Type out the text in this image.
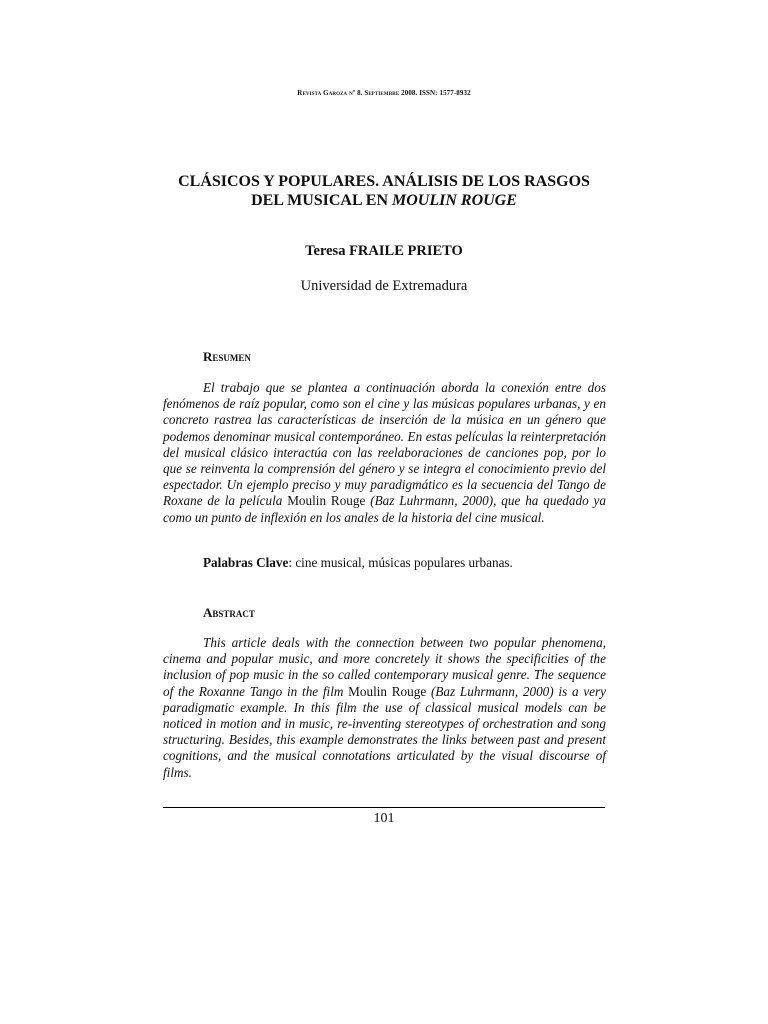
Revista Garoza nº 8. Septiembre 2008. ISSN: 1577-8932
CLÁSICOS Y POPULARES. ANÁLISIS DE LOS RASGOS
DEL MUSICAL EN MOULIN ROUGE
Teresa FRAILE PRIETO
Universidad de Extremadura
Resumen
El trabajo que se plantea a continuación aborda la conexión entre dos fenómenos de raíz popular, como son el cine y las músicas populares urbanas, y en concreto rastrea las características de inserción de la música en un género que podemos denominar musical contemporáneo. En estas películas la reinterpretación del musical clásico interactúa con las reelaboraciones de canciones pop, por lo que se reinventa la comprensión del género y se integra el conocimiento previo del espectador. Un ejemplo preciso y muy paradigmático es la secuencia del Tango de Roxane de la película Moulin Rouge (Baz Luhrmann, 2000), que ha quedado ya como un punto de inflexión en los anales de la historia del cine musical.
Palabras Clave: cine musical, músicas populares urbanas.
Abstract
This article deals with the connection between two popular phenomena, cinema and popular music, and more concretely it shows the specificities of the inclusion of pop music in the so called contemporary musical genre. The sequence of the Roxanne Tango in the film Moulin Rouge (Baz Luhrmann, 2000) is a very paradigmatic example. In this film the use of classical musical models can be noticed in motion and in music, re-inventing stereotypes of orchestration and song structuring. Besides, this example demonstrates the links between past and present cognitions, and the musical connotations articulated by the visual discourse of films.
101
